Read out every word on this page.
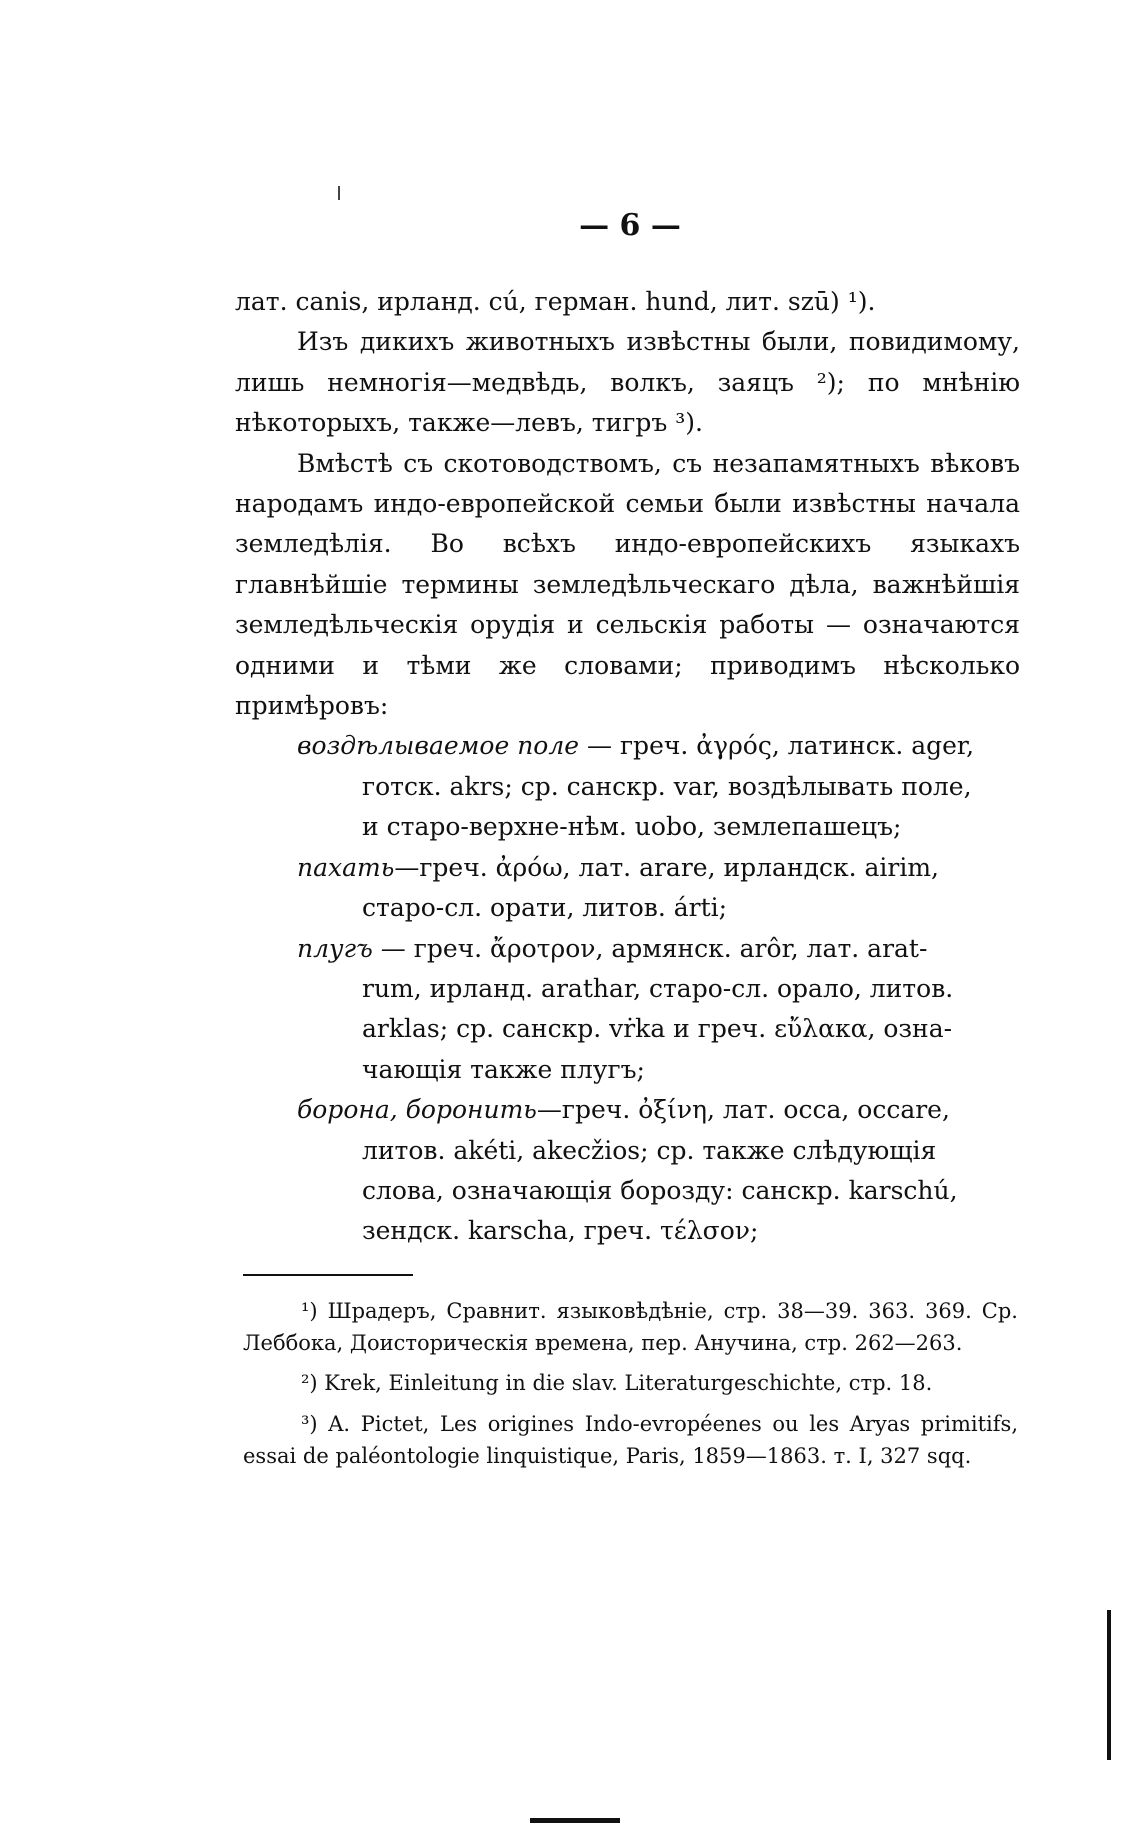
— 6 —

лат. canis, ирланд. cú, герман. hund, лит. szū) ¹).

Изъ дикихъ животныхъ извѣстны были, повидимому, лишь немногія—медвѣдь, волкъ, заяцъ ²); по мнѣнію нѣкоторыхъ, также—левъ, тигръ ³).

Вмѣстѣ съ скотоводствомъ, съ незапамятныхъ вѣковъ народамъ индо-европейской семьи были извѣстны начала земледѣлія. Во всѣхъ индо-европейскихъ языкахъ главнѣйшіе термины земледѣльческаго дѣла, важнѣйшія земледѣльческія орудія и сельскія работы — означаются одними и тѣми же словами; приводимъ нѣсколько примѣровъ:

воздѣлываемое поле — греч. ἀγρός, латинск. ager,
готск. akrs; ср. санскр. var, воздѣлывать поле,
и старо-верхне-нѣм. uobo, землепашецъ;
пахать—греч. ἀρόω, лат. arare, ирландск. airim,
старо-сл. орати, литов. árti;
плугъ — греч. ἄροτρον, армянск. arôr, лат. arat-
rum, ирланд. arathar, старо-сл. орало, литов.
arklas; ср. санскр. vṙka и греч. εὔλακα, озна-
чающія также плугъ;
борона, боронить—греч. ὀξίνη, лат. occa, occare,
литов. akéti, akecžios; ср. также слѣдующія
слова, означающія борозду: санскр. karschú,
зендск. karscha, греч. τέλσον;

¹) Шрадеръ, Сравнит. языковѣдѣніе, стр. 38—39. 363. 369. Ср. Леббока, Доисторическія времена, пер. Анучина, стр. 262—263.

²) Krek, Einleitung in die slav. Literaturgeschichte, стр. 18.

³) A. Pictet, Les origines Indo-evropéenes ou les Aryas primitifs, essai de paléontologie linquistique, Paris, 1859—1863. т. I, 327 sqq.
